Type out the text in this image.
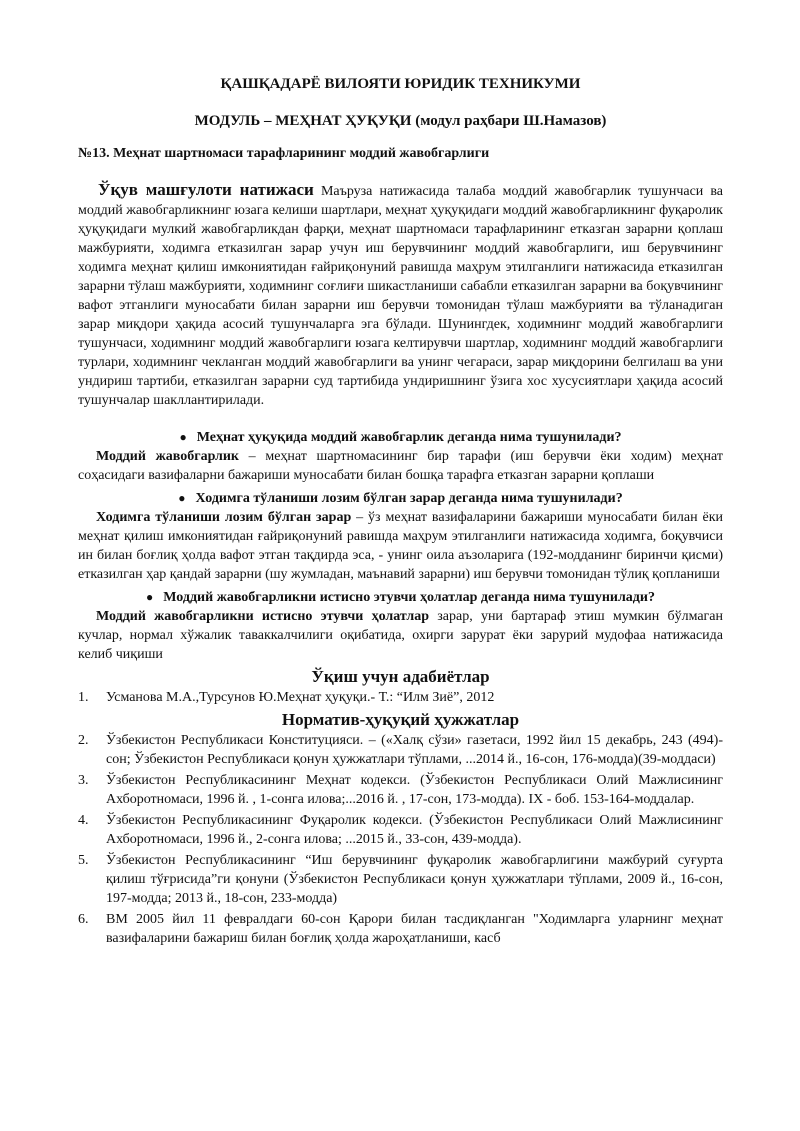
ҚАШҚАДАРЁ ВИЛОЯТИ ЮРИДИК ТЕХНИКУМИ
МОДУЛЬ – МЕҲНАТ ҲУҚУҚИ (модул раҳбари Ш.Намазов)
№13. Меҳнат шартномаси тарафларининг моддий жавобгарлиги

Ўқув машғулоти натижаси Маъруза натижасида талаба моддий жавобгарлик тушунчаси ва моддий жавобгарликнинг юзага келиши шартлари, меҳнат ҳуқуқидаги моддий жавобгарликнинг фуқаролик ҳуқуқидаги мулкий жавобгарликдан фарқи, меҳнат шартномаси тарафларининг етказган зарарни қоплаш мажбурияти, ходимга етказилган зарар учун иш берувчининг моддий жавобгарлиги, иш берувчининг ходимга меҳнат қилиш имкониятидан ғайриқонуний равишда маҳрум этилганлиги натижасида етказилган зарарни тўлаш мажбурияти, ходимнинг соғлиғи шикастланиши сабабли етказилган зарарни ва боқувчининг вафот этганлиги муносабати билан зарарни иш берувчи томонидан тўлаш мажбурияти ва тўланадиган зарар миқдори ҳақида асосий тушунчаларга эга бўлади. Шунингдек, ходимнинг моддий жавобгарлиги тушунчаси, ходимнинг моддий жавобгарлиги юзага келтирувчи шартлар, ходимнинг моддий жавобгарлиги турлари, ходимнинг чекланган моддий жавобгарлиги ва унинг чегараси, зарар миқдорини белгилаш ва уни ундириш тартиби, етказилган зарарни суд тартибида ундиришнинг ўзига хос хусусиятлари ҳақида асосий тушунчалар шакллантирилади.

● Меҳнат ҳуқуқида моддий жавобгарлик деганда нима тушунилади?
Моддий жавобгарлик – меҳнат шартномасининг бир тарафи (иш берувчи ёки ходим) меҳнат соҳасидаги вазифаларни бажариши муносабати билан бошқа тарафга етказган зарарни қоплаши
● Ходимга тўланиши лозим бўлган зарар деганда нима тушунилади?
Ходимга тўланиши лозим бўлган зарар – ўз меҳнат вазифаларини бажариши муносабати билан ёки меҳнат қилиш имкониятидан ғайриқонуний равишда маҳрум этилганлиги натижасида ходимга, боқувчиси ин билан боғлиқ ҳолда вафот этган тақдирда эса, - унинг оила аъзоларига (192-модданинг биринчи қисми) етказилган ҳар қандай зарарни (шу жумладан, маънавий зарарни) иш берувчи томонидан тўлиқ қопланиши
● Моддий жавобгарликни истисно этувчи ҳолатлар деганда нима тушунилади?
Моддий жавобгарликни истисно этувчи ҳолатлар зарар, уни бартараф этиш мумкин бўлмаган кучлар, нормал хўжалик таваккалчилиги оқибатида, охирги зарурат ёки зарурий мудофаа натижасида келиб чиқиши
Ўқиш учун адабиётлар
1. Усманова М.А.,Турсунов Ю.Меҳнат ҳуқуқи.- Т.: “Илм Зиё”, 2012
Норматив-ҳуқуқий ҳужжатлар
2. Ўзбекистон Республикаси Конституцияси. – («Халқ сўзи» газетаси, 1992 йил 15 декабрь, 243 (494)-сон; Ўзбекистон Республикаси қонун ҳужжатлари тўплами, ...2014 й., 16-сон, 176-модда)(39-моддаси)
3. Ўзбекистон Республикасининг Меҳнат кодекси. (Ўзбекистон Республикаси Олий Мажлисининг Ахборотномаси, 1996 й. , 1-сонга илова;...2016 й. , 17-сон, 173-модда). IX - боб. 153-164-моддалар.
4. Ўзбекистон Республикасининг Фуқаролик кодекси. (Ўзбекистон Республикаси Олий Мажлисининг Ахборотномаси, 1996 й., 2-сонга илова; ...2015 й., 33-сон, 439-модда).
5. Ўзбекистон Республикасининг “Иш берувчининг фуқаролик жавобгарлигини мажбурий суғурта қилиш тўғрисида”ги қонуни (Ўзбекистон Республикаси қонун ҳужжатлари тўплами, 2009 й., 16-сон, 197-модда; 2013 й., 18-сон, 233-модда)
6. ВМ 2005 йил 11 февралдаги 60-сон Қарори билан тасдиқланган "Ходимларга уларнинг меҳнат вазифаларини бажариш билан боғлиқ ҳолда жароҳатланиши, касб
